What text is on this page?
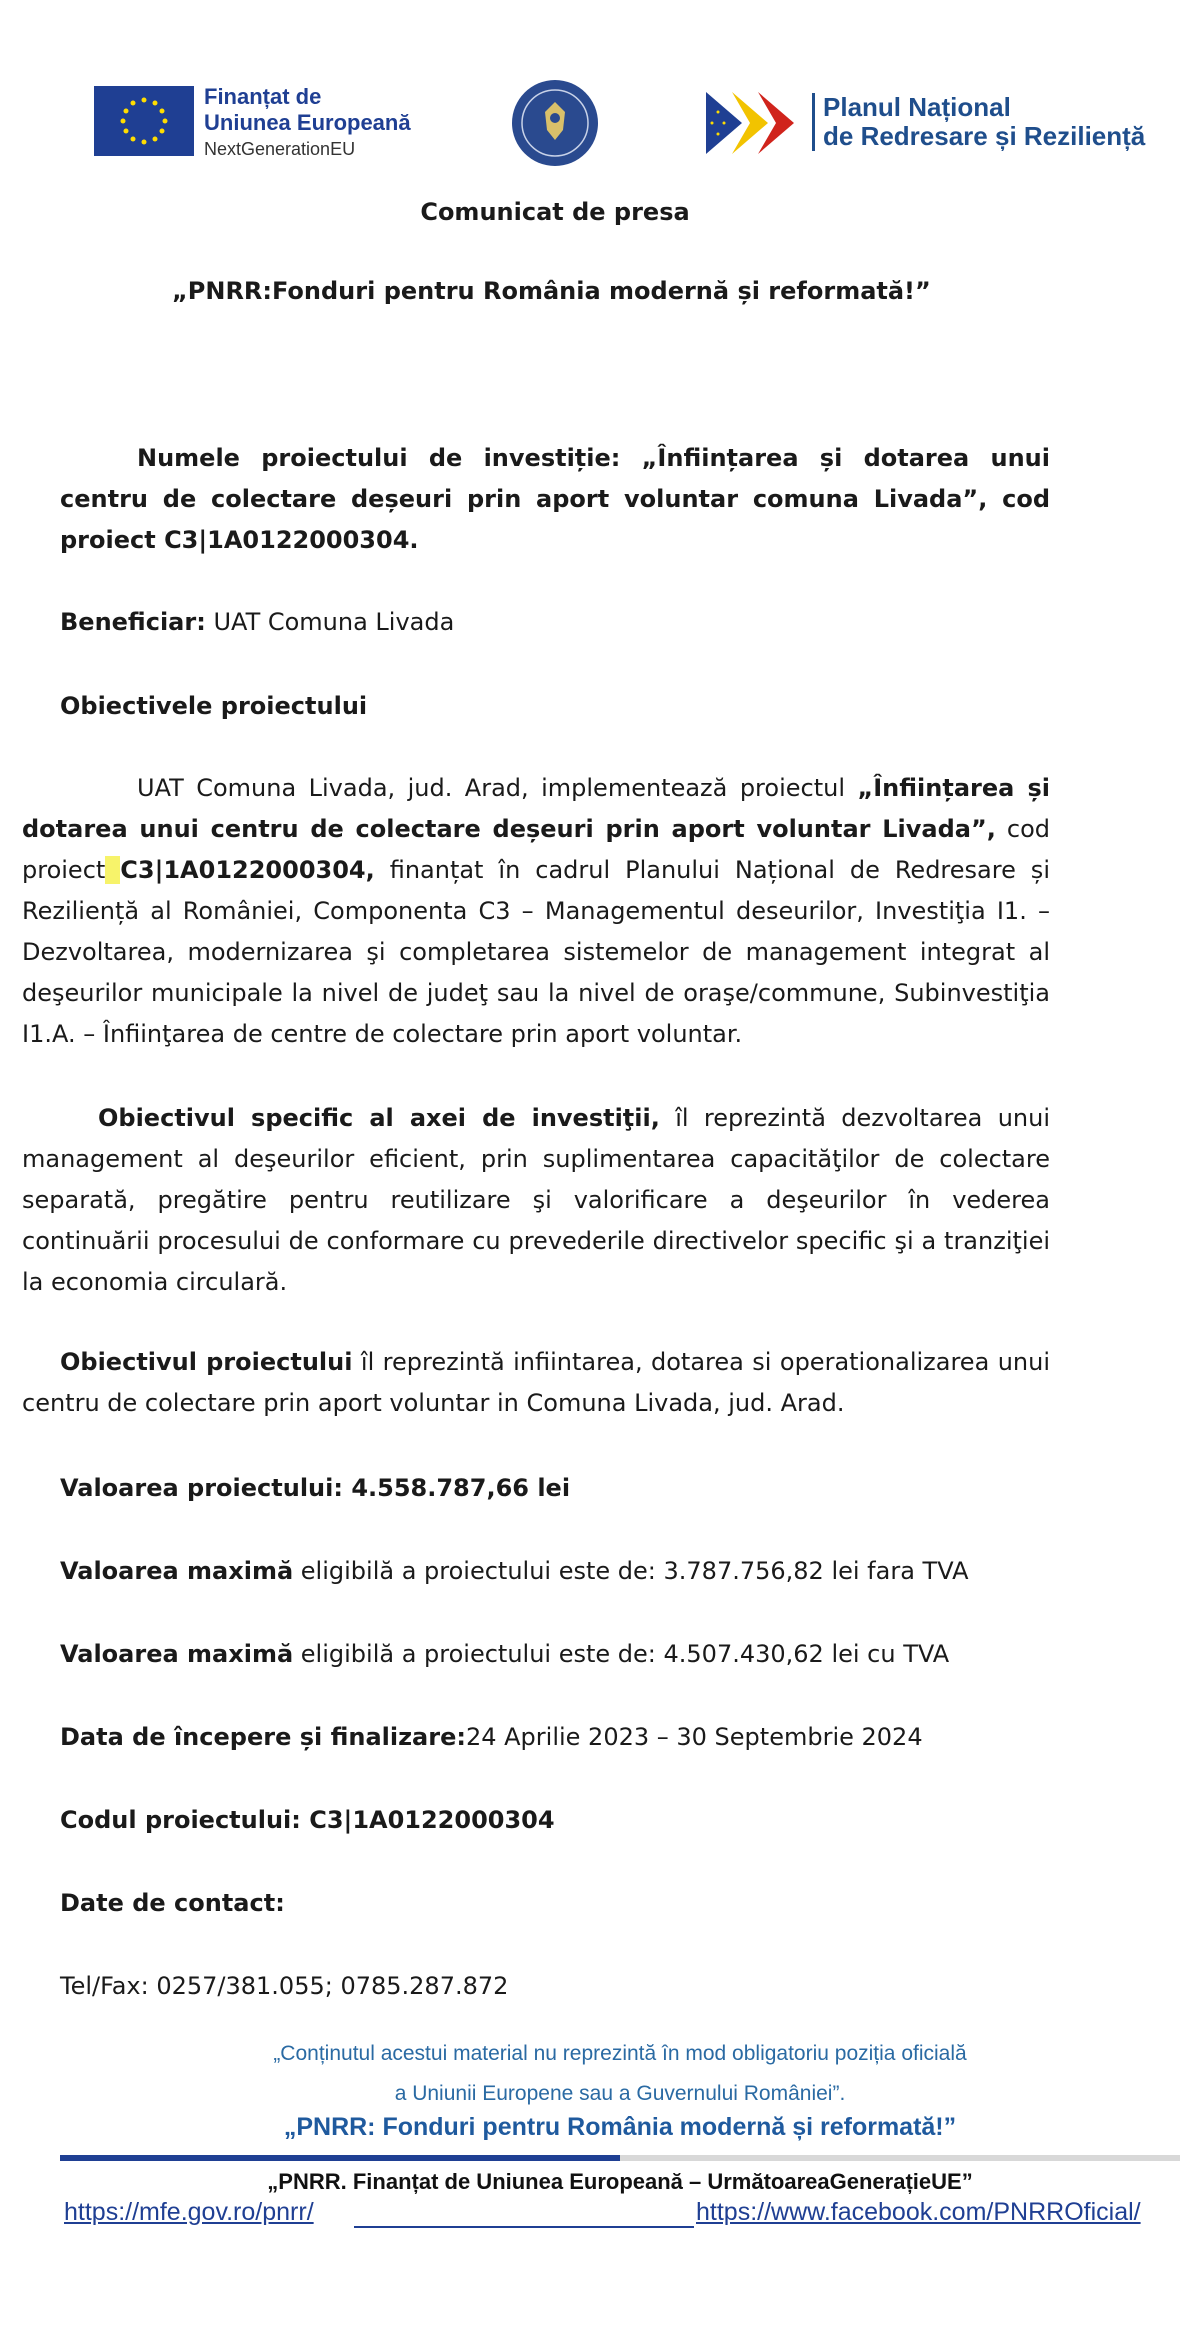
Finanțat de
Uniunea Europeană
NextGenerationEU
Planul Național
de Redresare și Reziliență
Comunicat de presa
„PNRR:Fonduri pentru România modernă și reformată!”
Numele proiectului de investiție: „Înființarea și dotarea unui centru de colectare deșeuri prin aport voluntar comuna Livada”, cod proiect C3|1A0122000304.
Beneficiar: UAT Comuna Livada
Obiectivele proiectului
UAT Comuna Livada, jud. Arad, implementează proiectul „Înființarea și dotarea unui centru de colectare deșeuri prin aport voluntar Livada”, cod proiect C3|1A0122000304, finanțat în cadrul Planului Național de Redresare și Reziliență al României, Componenta C3 – Managementul deseurilor, Investiţia I1. – Dezvoltarea, modernizarea şi completarea sistemelor de management integrat al deşeurilor municipale la nivel de judeţ sau la nivel de oraşe/commune, Subinvestiţia I1.A. – Înfiinţarea de centre de colectare prin aport voluntar.
Obiectivul specific al axei de investiţii, îl reprezintă dezvoltarea unui management al deşeurilor eficient, prin suplimentarea capacităţilor de colectare separată, pregătire pentru reutilizare şi valorificare a deşeurilor în vederea continuării procesului de conformare cu prevederile directivelor specific şi a tranziţiei la economia circulară.
Obiectivul proiectului îl reprezintă infiintarea, dotarea si operationalizarea unui centru de colectare prin aport voluntar in Comuna Livada, jud. Arad.
Valoarea proiectului: 4.558.787,66 lei
Valoarea maximă eligibilă a proiectului este de: 3.787.756,82 lei fara TVA
Valoarea maximă eligibilă a proiectului este de: 4.507.430,62 lei cu TVA
Data de începere și finalizare:24 Aprilie 2023 – 30 Septembrie 2024
Codul proiectului: C3|1A0122000304
Date de contact:
Tel/Fax: 0257/381.055; 0785.287.872
„Conținutul acestui material nu reprezintă în mod obligatoriu poziția oficială
a Uniunii Europene sau a Guvernului României”.
„PNRR: Fonduri pentru România modernă și reformată!”
„PNRR. Finanțat de Uniunea Europeană – UrmătoareaGenerațieUE”
https://mfe.gov.ro/pnrr/	https://www.facebook.com/PNRROficial/
